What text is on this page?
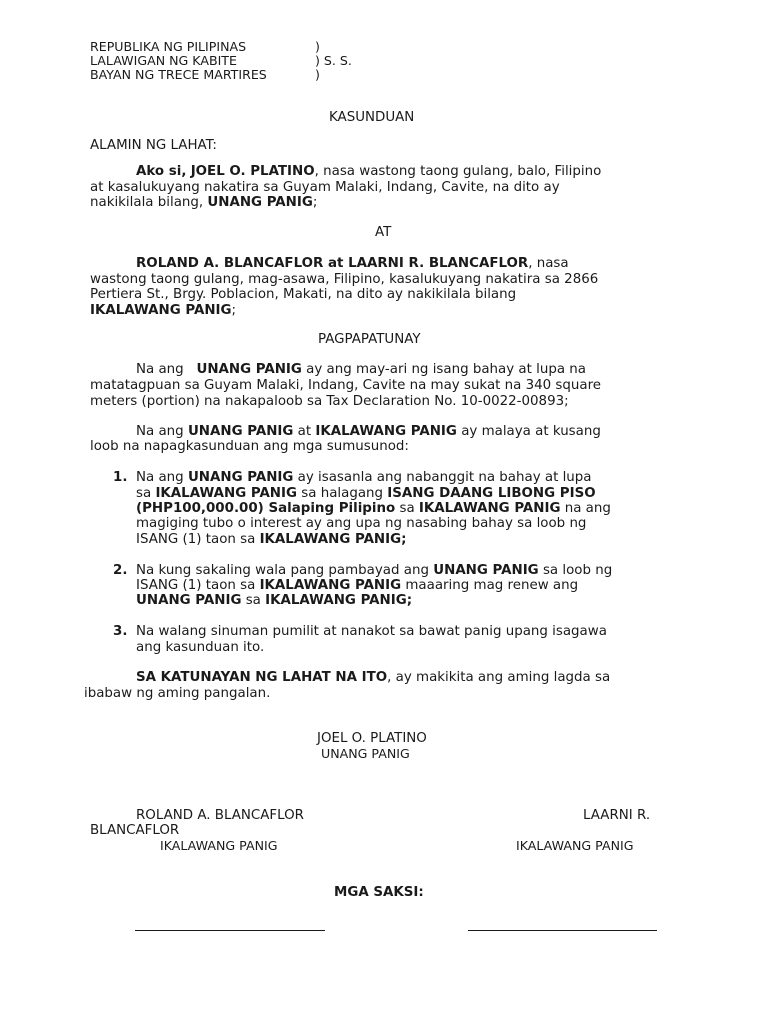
REPUBLIKA NG PILIPINAS	)
LALAWIGAN NG KABITE	) S. S.
BAYAN NG TRECE MARTIRES	)
KASUNDUAN
ALAMIN NG LAHAT:
Ako si, JOEL O. PLATINO, nasa wastong taong gulang, balo, Filipino
at kasalukuyang nakatira sa Guyam Malaki, Indang, Cavite, na dito ay
nakikilala bilang, UNANG PANIG;
AT
ROLAND A. BLANCAFLOR at LAARNI R. BLANCAFLOR, nasa
wastong taong gulang, mag-asawa, Filipino, kasalukuyang nakatira sa 2866
Pertiera St., Brgy. Poblacion, Makati, na dito ay nakikilala bilang
IKALAWANG PANIG;
PAGPAPATUNAY
Na ang UNANG PANIG ay ang may-ari ng isang bahay at lupa na
matatagpuan sa Guyam Malaki, Indang, Cavite na may sukat na 340 square
meters (portion) na nakapaloob sa Tax Declaration No. 10-0022-00893;
Na ang UNANG PANIG at IKALAWANG PANIG ay malaya at kusang
loob na napagkasunduan ang mga sumusunod:
1. Na ang UNANG PANIG ay isasanla ang nabanggit na bahay at lupa
sa IKALAWANG PANIG sa halagang ISANG DAANG LIBONG PISO
(PHP100,000.00) Salaping Pilipino sa IKALAWANG PANIG na ang
magiging tubo o interest ay ang upa ng nasabing bahay sa loob ng
ISANG (1) taon sa IKALAWANG PANIG;
2. Na kung sakaling wala pang pambayad ang UNANG PANIG sa loob ng
ISANG (1) taon sa IKALAWANG PANIG maaaring mag renew ang
UNANG PANIG sa IKALAWANG PANIG;
3. Na walang sinuman pumilit at nanakot sa bawat panig upang isagawa
ang kasunduan ito.
SA KATUNAYAN NG LAHAT NA ITO, ay makikita ang aming lagda sa
ibabaw ng aming pangalan.
JOEL O. PLATINO
UNANG PANIG
ROLAND A. BLANCAFLOR	LAARNI R.
BLANCAFLOR
IKALAWANG PANIG	IKALAWANG PANIG
MGA SAKSI:
